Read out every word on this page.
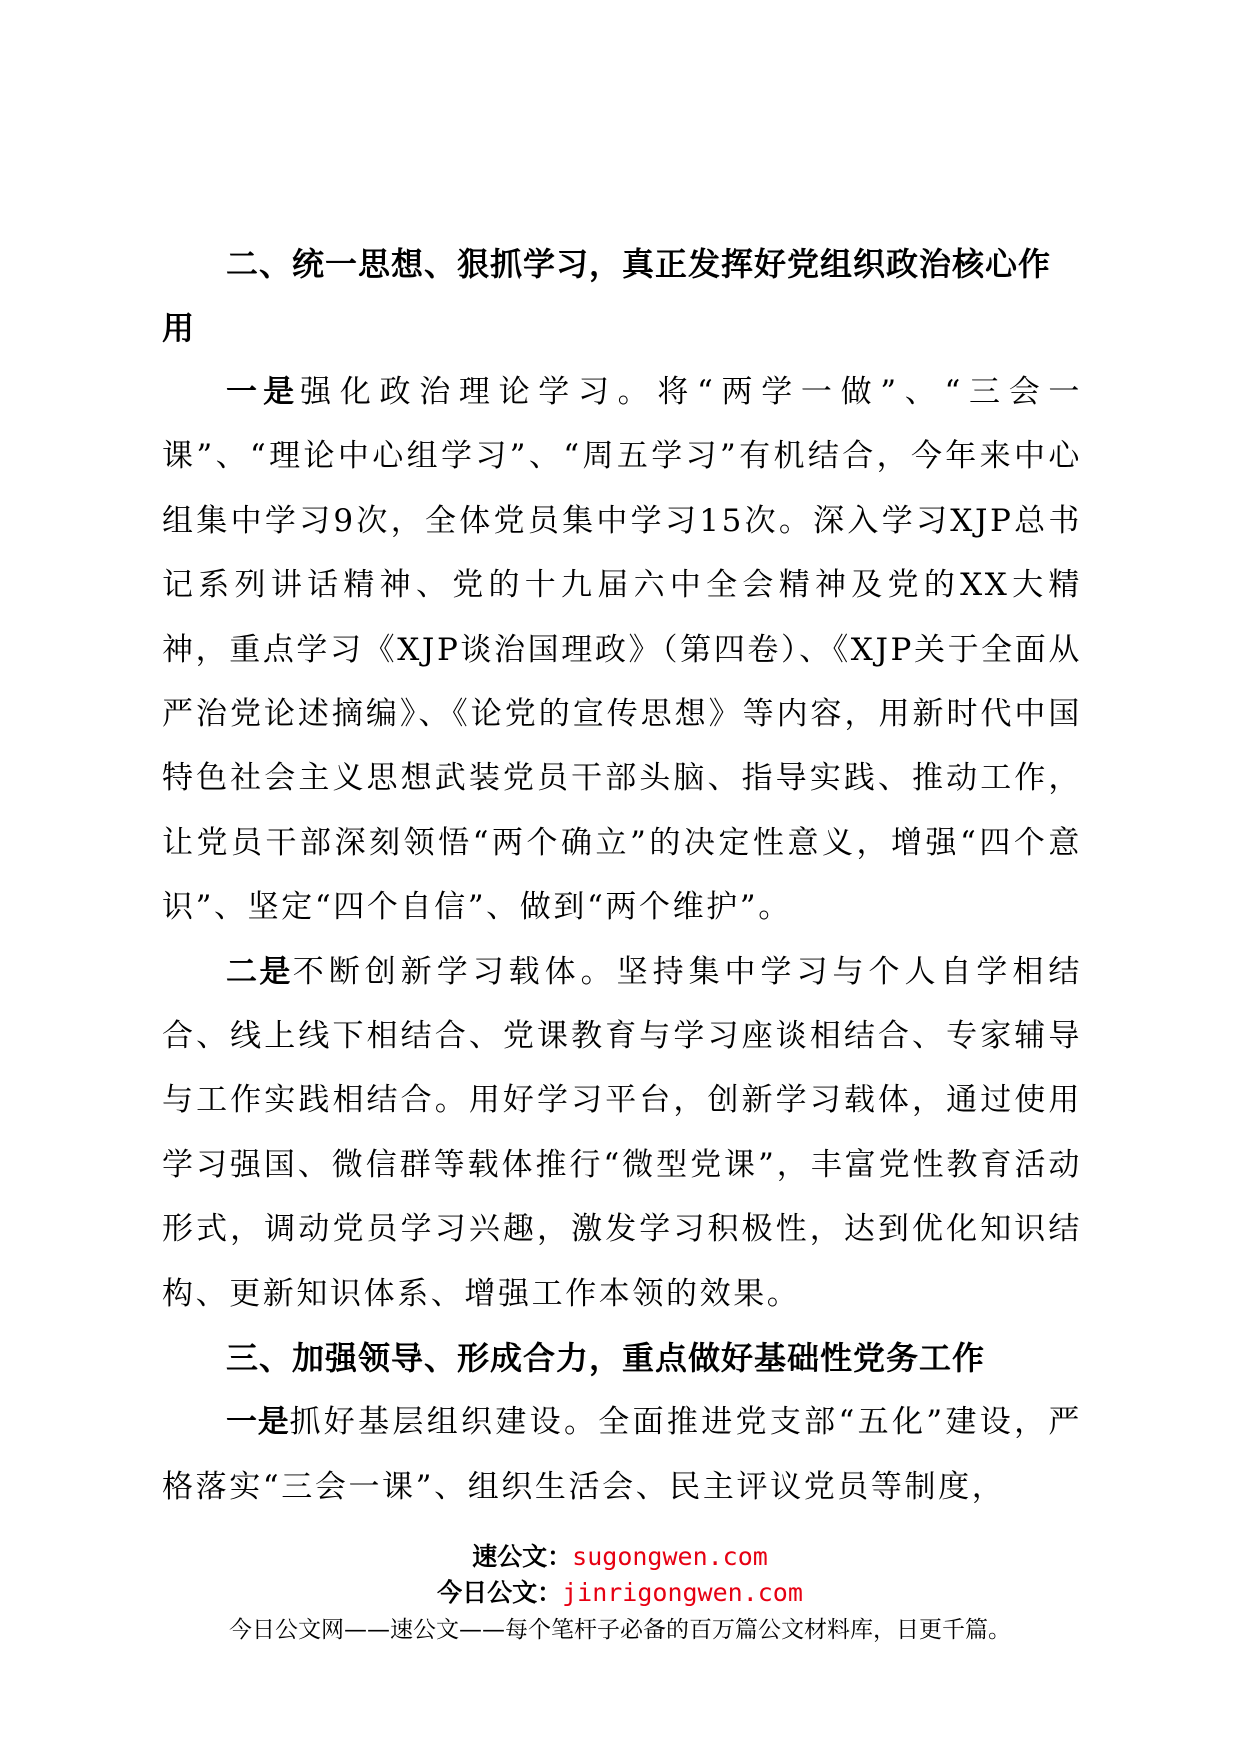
二、统一思想、狠抓学习，真正发挥好党组织政治核心作用

一是强化政治理论学习。将“两学一做”、“三会一课”、“理论中心组学习”、“周五学习”有机结合，今年来中心组集中学习9次，全体党员集中学习15次。深入学习XJP总书记系列讲话精神、党的十九届六中全会精神及党的XX大精神，重点学习《XJP谈治国理政》（第四卷）、《XJP关于全面从严治党论述摘编》、《论党的宣传思想》等内容，用新时代中国特色社会主义思想武装党员干部头脑、指导实践、推动工作，让党员干部深刻领悟“两个确立”的决定性意义，增强“四个意识”、坚定“四个自信”、做到“两个维护”。

二是不断创新学习载体。坚持集中学习与个人自学相结合、线上线下相结合、党课教育与学习座谈相结合、专家辅导与工作实践相结合。用好学习平台，创新学习载体，通过使用学习强国、微信群等载体推行“微型党课”，丰富党性教育活动形式，调动党员学习兴趣，激发学习积极性，达到优化知识结构、更新知识体系、增强工作本领的效果。

三、加强领导、形成合力，重点做好基础性党务工作

一是抓好基层组织建设。全面推进党支部“五化”建设，严格落实“三会一课”、组织生活会、民主评议党员等制度，

速公文：sugongwen.com
今日公文：jinrigongwen.com
今日公文网——速公文——每个笔杆子必备的百万篇公文材料库，日更千篇。
